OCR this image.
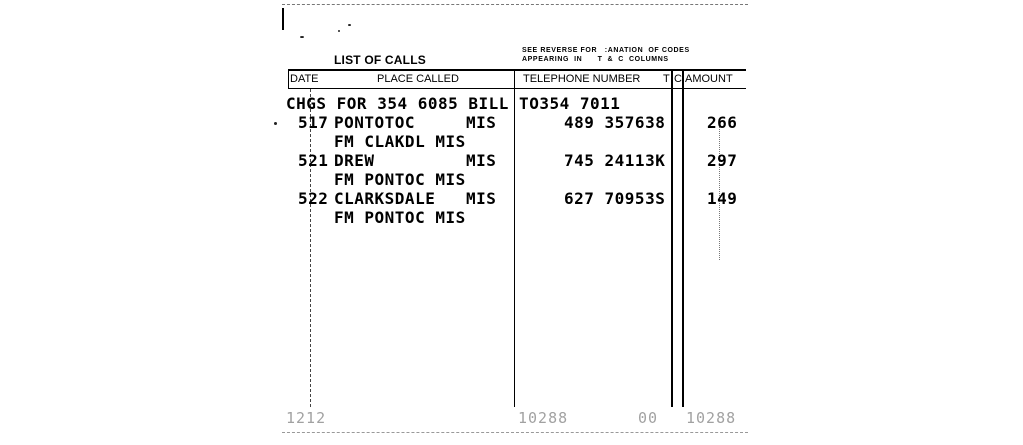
LIST OF CALLS
SEE REVERSE FOR   :ANATION  OF CODES
APPEARING  IN      T  &  C  COLUMNS
DATE	PLACE CALLED	TELEPHONE NUMBER T C AMOUNT
CHGS FOR 354 6085 BILL TO354 7011
517 PONTOTOC	MIS	489 357638	266
FM CLAKDL MIS
521 DREW	MIS	745 24113K	297
FM PONTOC MIS
522 CLARKSDALE MIS	627 70953S	149
FM PONTOC MIS
1212	10288	00 10288
